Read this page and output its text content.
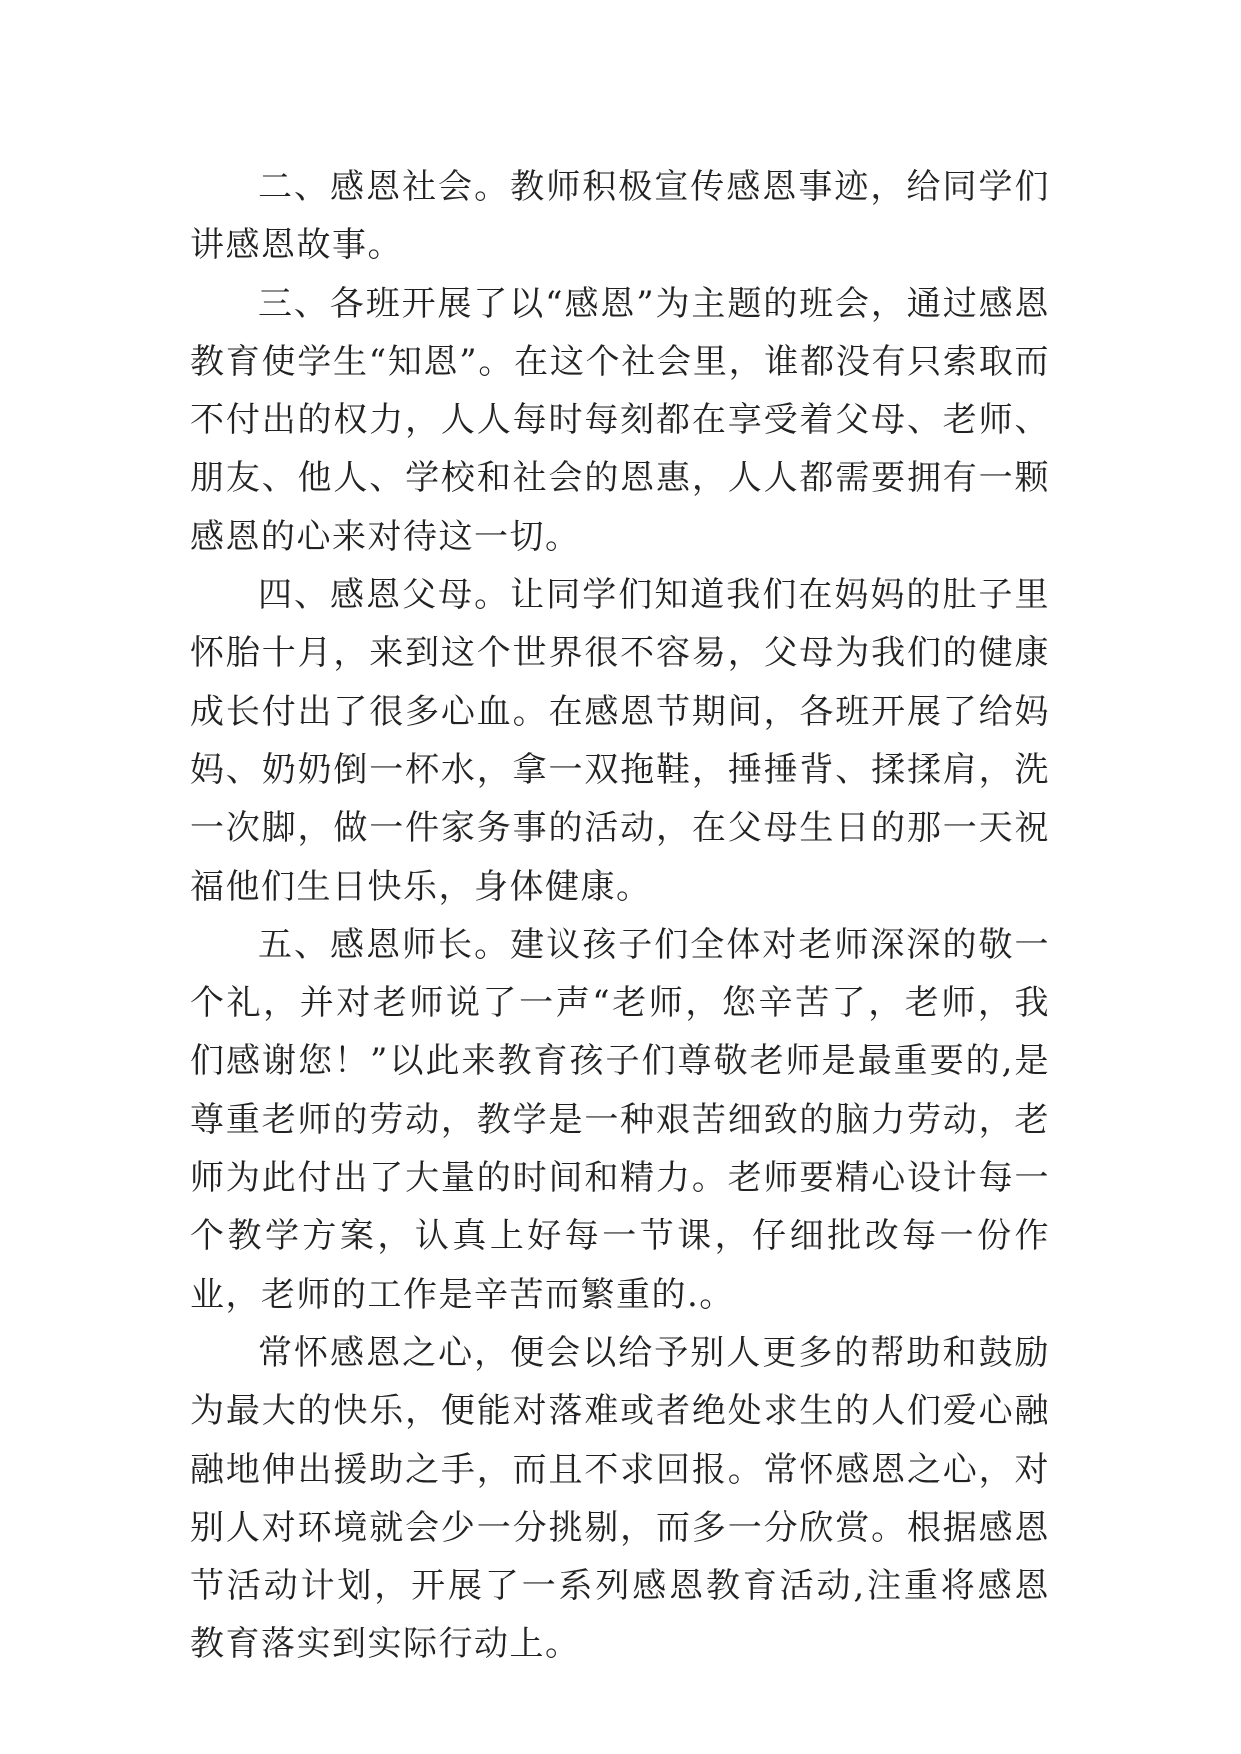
二、感恩社会。教师积极宣传感恩事迹，给同学们讲感恩故事。

三、各班开展了以“感恩”为主题的班会，通过感恩教育使学生“知恩”。在这个社会里，谁都没有只索取而不付出的权力，人人每时每刻都在享受着父母、老师、朋友、他人、学校和社会的恩惠，人人都需要拥有一颗感恩的心来对待这一切。

四、感恩父母。让同学们知道我们在妈妈的肚子里怀胎十月，来到这个世界很不容易，父母为我们的健康成长付出了很多心血。在感恩节期间，各班开展了给妈妈、奶奶倒一杯水，拿一双拖鞋，捶捶背、揉揉肩，洗一次脚，做一件家务事的活动，在父母生日的那一天祝福他们生日快乐，身体健康。

五、感恩师长。建议孩子们全体对老师深深的敬一个礼，并对老师说了一声“老师，您辛苦了，老师，我们感谢您！”以此来教育孩子们尊敬老师是最重要的,是尊重老师的劳动，教学是一种艰苦细致的脑力劳动，老师为此付出了大量的时间和精力。老师要精心设计每一个教学方案，认真上好每一节课，仔细批改每一份作业，老师的工作是辛苦而繁重的.。

常怀感恩之心，便会以给予别人更多的帮助和鼓励为最大的快乐，便能对落难或者绝处求生的人们爱心融融地伸出援助之手，而且不求回报。常怀感恩之心，对别人对环境就会少一分挑剔，而多一分欣赏。根据感恩节活动计划，开展了一系列感恩教育活动,注重将感恩教育落实到实际行动上。
